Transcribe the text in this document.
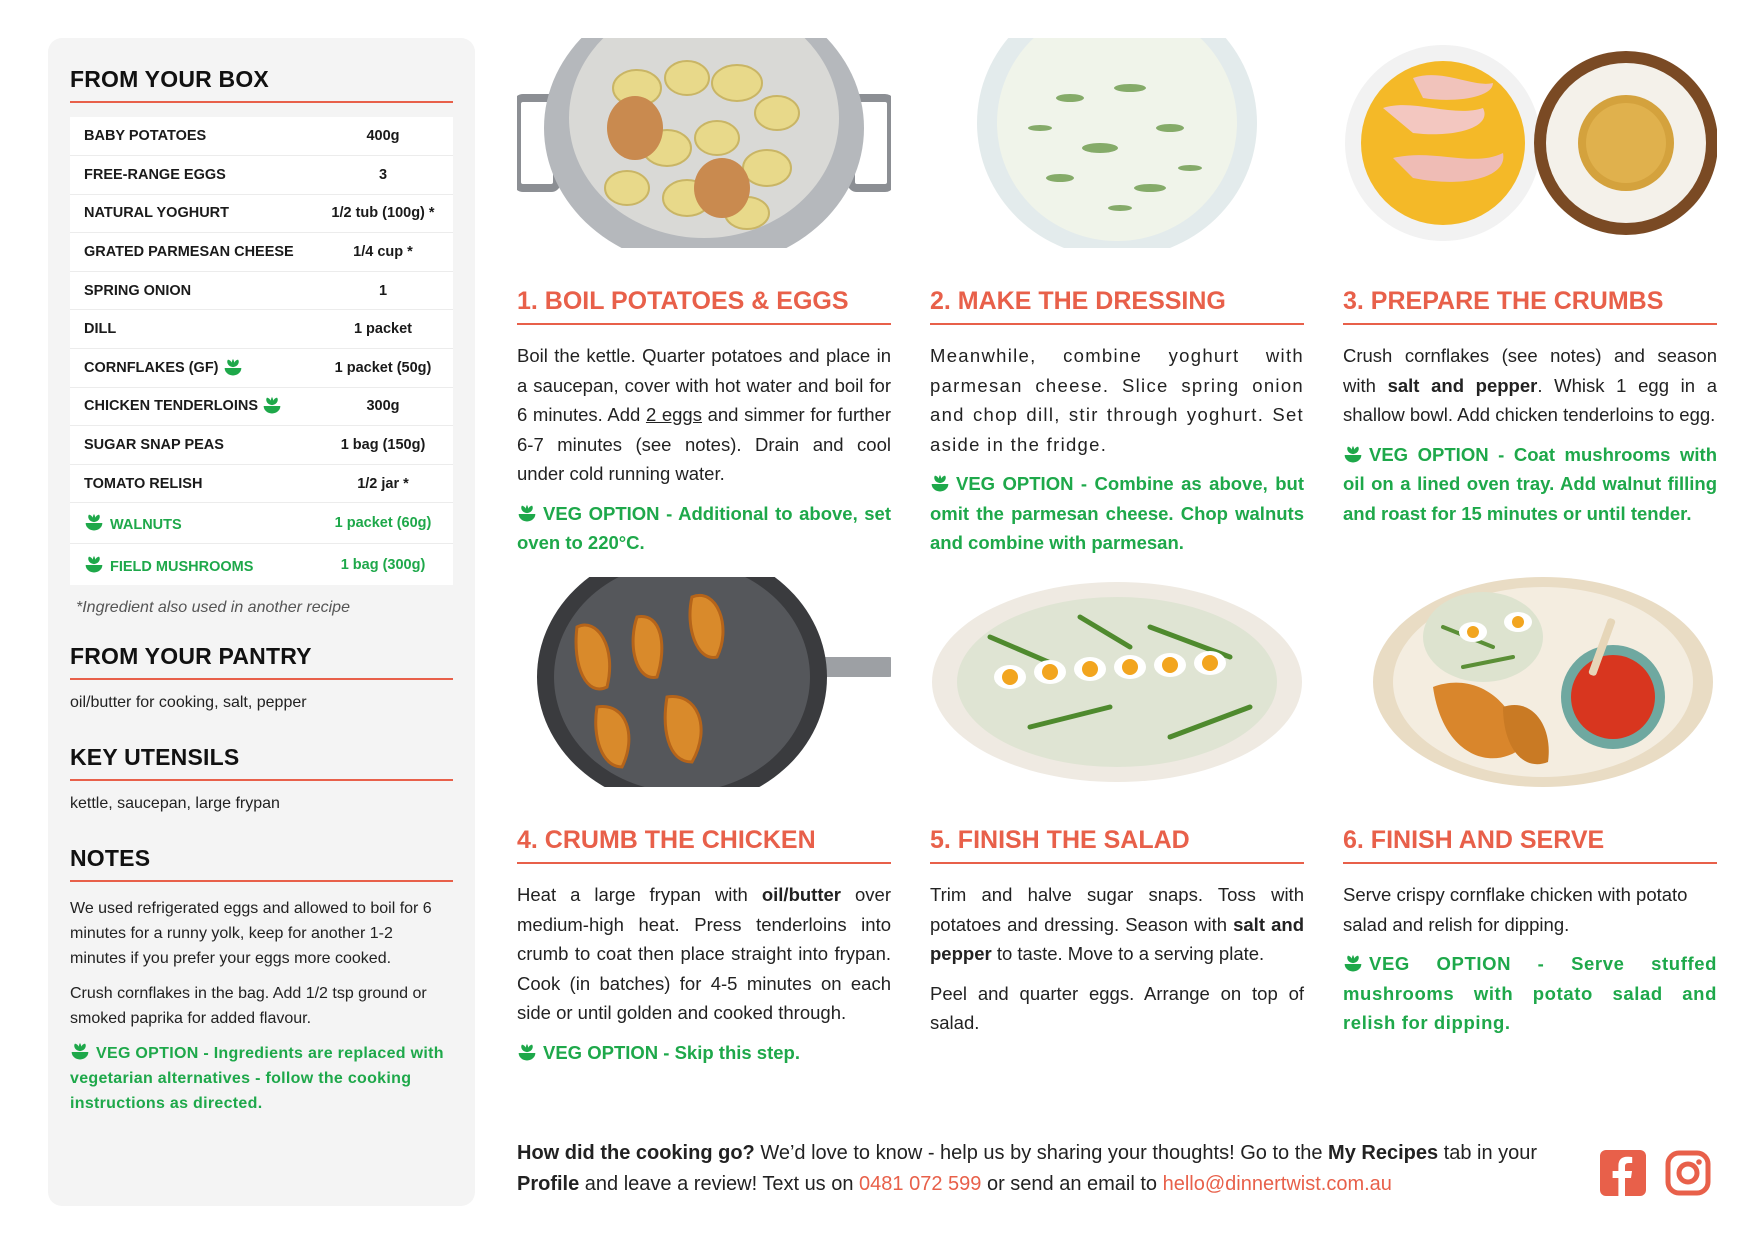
FROM YOUR BOX
BABY POTATOES	400g
FREE-RANGE EGGS	3
NATURAL YOGHURT	1/2 tub (100g) *
GRATED PARMESAN CHEESE	1/4 cup *
SPRING ONION	1
DILL	1 packet
CORNFLAKES (GF)	1 packet (50g)
CHICKEN TENDERLOINS	300g
SUGAR SNAP PEAS	1 bag (150g)
TOMATO RELISH	1/2 jar *
WALNUTS	1 packet (60g)
FIELD MUSHROOMS	1 bag (300g)
*Ingredient also used in another recipe
FROM YOUR PANTRY
oil/butter for cooking, salt, pepper
KEY UTENSILS
kettle, saucepan, large frypan
NOTES

We used refrigerated eggs and allowed to boil for 6 minutes for a runny yolk, keep for another 1-2 minutes if you prefer your eggs more cooked.

Crush cornflakes in the bag. Add 1/2 tsp ground or smoked paprika for added flavour.

VEG OPTION - Ingredients are replaced with vegetarian alternatives - follow the cooking instructions as directed.

1. BOIL POTATOES & EGGS

Boil the kettle. Quarter potatoes and place in a saucepan, cover with hot water and boil for 6 minutes. Add 2 eggs and simmer for further 6-7 minutes (see notes). Drain and cool under cold running water.

VEG OPTION - Additional to above, set oven to 220°C.

2. MAKE THE DRESSING

Meanwhile, combine yoghurt with parmesan cheese. Slice spring onion and chop dill, stir through yoghurt. Set aside in the fridge.

VEG OPTION - Combine as above, but omit the parmesan cheese. Chop walnuts and combine with parmesan.

3. PREPARE THE CRUMBS

Crush cornflakes (see notes) and season with salt and pepper. Whisk 1 egg in a shallow bowl. Add chicken tenderloins to egg.

VEG OPTION - Coat mushrooms with oil on a lined oven tray. Add walnut filling and roast for 15 minutes or until tender.

4. CRUMB THE CHICKEN

Heat a large frypan with oil/butter over medium-high heat. Press tenderloins into crumb to coat then place straight into frypan. Cook (in batches) for 4-5 minutes on each side or until golden and cooked through.

VEG OPTION - Skip this step.

5. FINISH THE SALAD

Trim and halve sugar snaps. Toss with potatoes and dressing. Season with salt and pepper to taste. Move to a serving plate.

Peel and quarter eggs. Arrange on top of salad.

6. FINISH AND SERVE

Serve crispy cornflake chicken with potato salad and relish for dipping.

VEG OPTION - Serve stuffed mushrooms with potato salad and relish for dipping.

How did the cooking go? We’d love to know - help us by sharing your thoughts! Go to the My Recipes tab in your Profile and leave a review! Text us on 0481 072 599 or send an email to hello@dinnertwist.com.au
